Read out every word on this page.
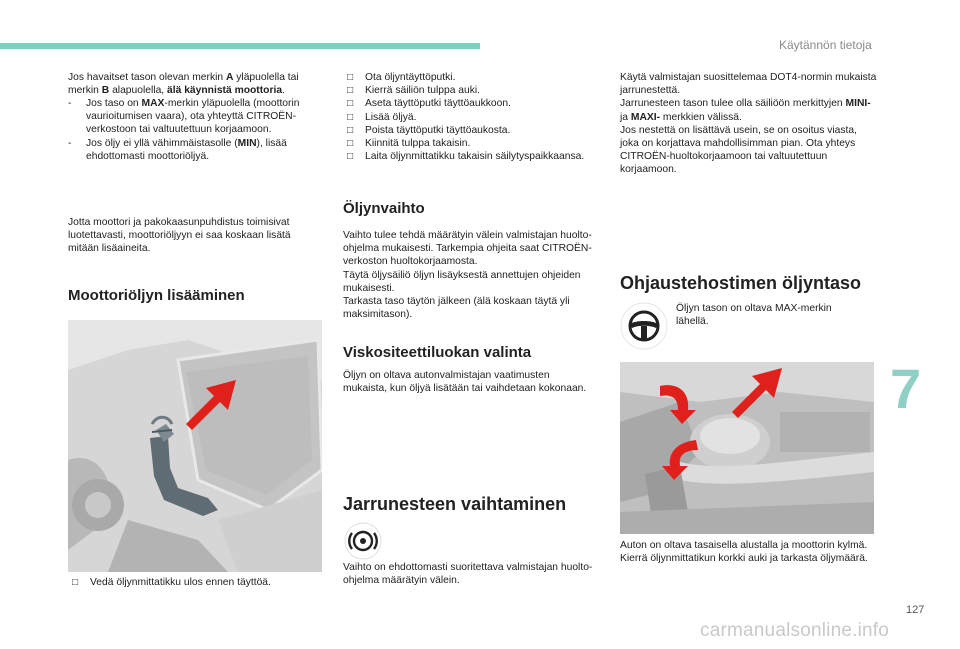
Käytännön tietoja
7
127
carmanualsonline.info

Jos havaitset tason olevan merkin A yläpuolella tai merkin B alapuolella, älä käynnistä moottoria.

- Jos taso on MAX-merkin yläpuolella (moottorin vaurioitumisen vaara), ota yhteyttä CITROËN-verkostoon tai valtuutettuun korjaamoon.
- Jos öljy ei yllä vähimmäistasolle (MIN), lisää ehdottomasti moottoriöljyä.

Jotta moottori ja pakokaasunpuhdistus toimisivat luotettavasti, moottoriöljyyn ei saa koskaan lisätä mitään lisäaineita.

Moottoriöljyn lisääminen
□ Vedä öljynmittatikku ulos ennen täyttöä.
□ Ota öljyntäyttöputki.
□ Kierrä säiliön tulppa auki.
□ Aseta täyttöputki täyttöaukkoon.
□ Lisää öljyä.
□ Poista täyttöputki täyttöaukosta.
□ Kiinnitä tulppa takaisin.
□ Laita öljynmittatikku takaisin säilytyspaikkaansa.
Öljynvaihto

Vaihto tulee tehdä määrätyin välein valmistajan huolto-ohjelma mukaisesti. Tarkempia ohjeita saat CITROËN-verkoston huoltokorjaamosta.
Täytä öljysäiliö öljyn lisäyksestä annettujen ohjeiden mukaisesti.
Tarkasta taso täytön jälkeen (älä koskaan täytä yli maksimitason).

Viskositeettiluokan valinta

Öljyn on oltava autonvalmistajan vaatimusten mukaista, kun öljyä lisätään tai vaihdetaan kokonaan.

Jarrunesteen vaihtaminen

Vaihto on ehdottomasti suoritettava valmistajan huolto-ohjelma määrätyin välein.

Käytä valmistajan suosittelemaa DOT4-normin mukaista jarrunestettä.
Jarrunesteen tason tulee olla säiliöön merkittyjen MINI- ja MAXI- merkkien välissä.
Jos nestettä on lisättävä usein, se on osoitus viasta, joka on korjattava mahdollisimman pian. Ota yhteys CITROËN-huoltokorjaamoon tai valtuutettuun korjaamoon.

Ohjaustehostimen öljyntaso

Öljyn tason on oltava MAX-merkin lähellä.

Auton on oltava tasaisella alustalla ja moottorin kylmä. Kierrä öljynmittatikun korkki auki ja tarkasta öljymäärä.
